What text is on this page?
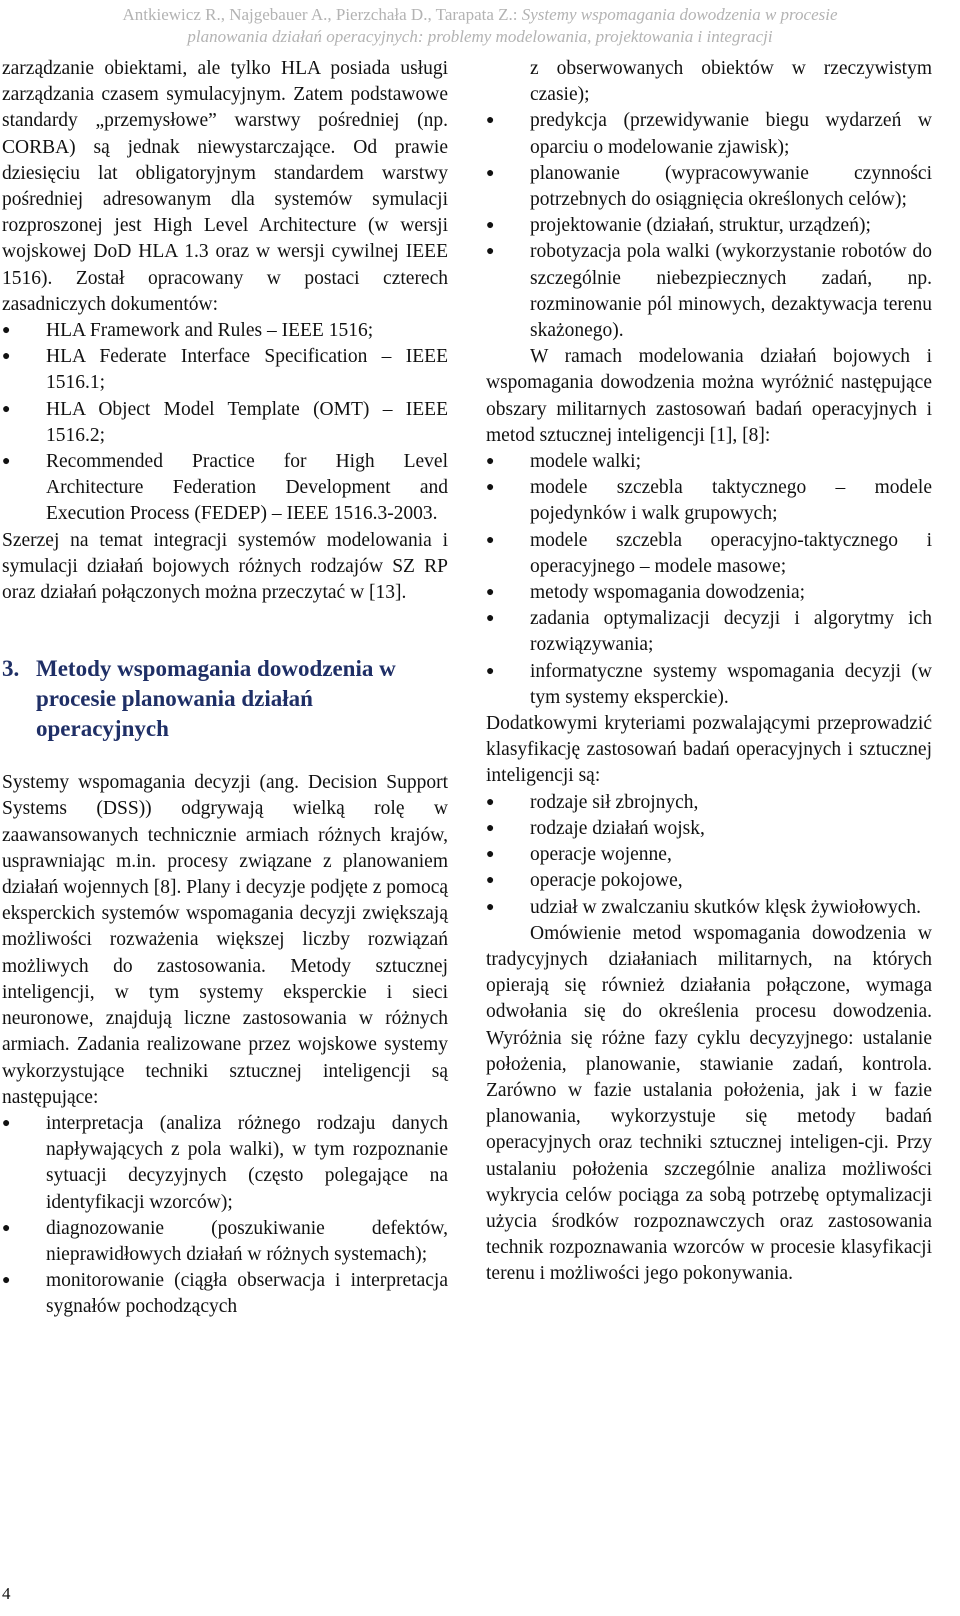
Antkiewicz R., Najgebauer A., Pierzchała D., Tarapata Z.: Systemy wspomagania dowodzenia w procesie
planowania działań operacyjnych: problemy modelowania, projektowania i integracji

zarządzanie obiektami, ale tylko HLA posiada usługi zarządzania czasem symulacyjnym. Zatem podstawowe standardy „przemysłowe” warstwy pośredniej (np. CORBA) są jednak niewystarczające. Od prawie dziesięciu lat obligatoryjnym standardem warstwy pośredniej adresowanym dla systemów symulacji rozproszonej jest High Level Architecture (w wersji wojskowej DoD HLA 1.3 oraz w wersji cywilnej IEEE 1516). Został opracowany w postaci czterech zasadniczych dokumentów:

●	HLA Framework and Rules – IEEE 1516;
●	HLA Federate Interface Specification – IEEE 1516.1;
●	HLA Object Model Template (OMT) – IEEE 1516.2;
●	Recommended Practice for High Level Architecture Federation Development and Execution Process (FEDEP) – IEEE 1516.3-2003.

Szerzej na temat integracji systemów modelowania i symulacji działań bojowych różnych rodzajów SZ RP oraz działań połączonych można przeczytać w [13].

3. Metody wspomagania dowodzenia w procesie planowania działań operacyjnych

Systemy wspomagania decyzji (ang. Decision Support Systems (DSS)) odgrywają wielką rolę w zaawansowanych technicznie armiach różnych krajów, usprawniając m.in. procesy związane z planowaniem działań wojennych [8]. Plany i decyzje podjęte z pomocą eksperckich systemów wspomagania decyzji zwiększają możliwości rozważenia większej liczby rozwiązań możliwych do zastosowania. Metody sztucznej inteligencji, w tym systemy eksperckie i sieci neuronowe, znajdują liczne zastosowania w różnych armiach. Zadania realizowane przez wojskowe systemy wykorzystujące techniki sztucznej inteligencji są następujące:

●	interpretacja (analiza różnego rodzaju danych napływających z pola walki), w tym rozpoznanie sytuacji decyzyjnych (często polegające na identyfikacji wzorców);
●	diagnozowanie (poszukiwanie defektów, nieprawidłowych działań w różnych systemach);
●	monitorowanie (ciągła obserwacja i interpretacja sygnałów pochodzących
z obserwowanych obiektów w rzeczywistym czasie);
●	predykcja (przewidywanie biegu wydarzeń w oparciu o modelowanie zjawisk);
●	planowanie (wypracowywanie czynności potrzebnych do osiągnięcia określonych celów);
●	projektowanie (działań, struktur, urządzeń);
●	robotyzacja pola walki (wykorzystanie robotów do szczególnie niebezpiecznych zadań, np. rozminowanie pól minowych, dezaktywacja terenu skażonego).

W ramach modelowania działań bojowych i wspomagania dowodzenia można wyróżnić następujące obszary militarnych zastosowań badań operacyjnych i metod sztucznej inteligencji [1], [8]:

●	modele walki;
●	modele szczebla taktycznego – modele pojedynków i walk grupowych;
●	modele szczebla operacyjno-taktycznego i operacyjnego – modele masowe;
●	metody wspomagania dowodzenia;
●	zadania optymalizacji decyzji i algorytmy ich rozwiązywania;
●	informatyczne systemy wspomagania decyzji (w tym systemy eksperckie).

Dodatkowymi kryteriami pozwalającymi przeprowadzić klasyfikację zastosowań badań operacyjnych i sztucznej inteligencji są:

●	rodzaje sił zbrojnych,
●	rodzaje działań wojsk,
●	operacje wojenne,
●	operacje pokojowe,
●	udział w zwalczaniu skutków klęsk żywiołowych.

Omówienie metod wspomagania dowodzenia w tradycyjnych działaniach militarnych, na których opierają się również działania połączone, wymaga odwołania się do określenia procesu dowodzenia. Wyróżnia się różne fazy cyklu decyzyjnego: ustalanie położenia, planowanie, stawianie zadań, kontrola. Zarówno w fazie ustalania położenia, jak i w fazie planowania, wykorzystuje się metody badań operacyjnych oraz techniki sztucznej inteligen-cji. Przy ustalaniu położenia szczególnie analiza możliwości wykrycia celów pociąga za sobą potrzebę optymalizacji użycia środków rozpoznawczych oraz zastosowania technik rozpoznawania wzorców w procesie klasyfikacji terenu i możliwości jego pokonywania.

4
